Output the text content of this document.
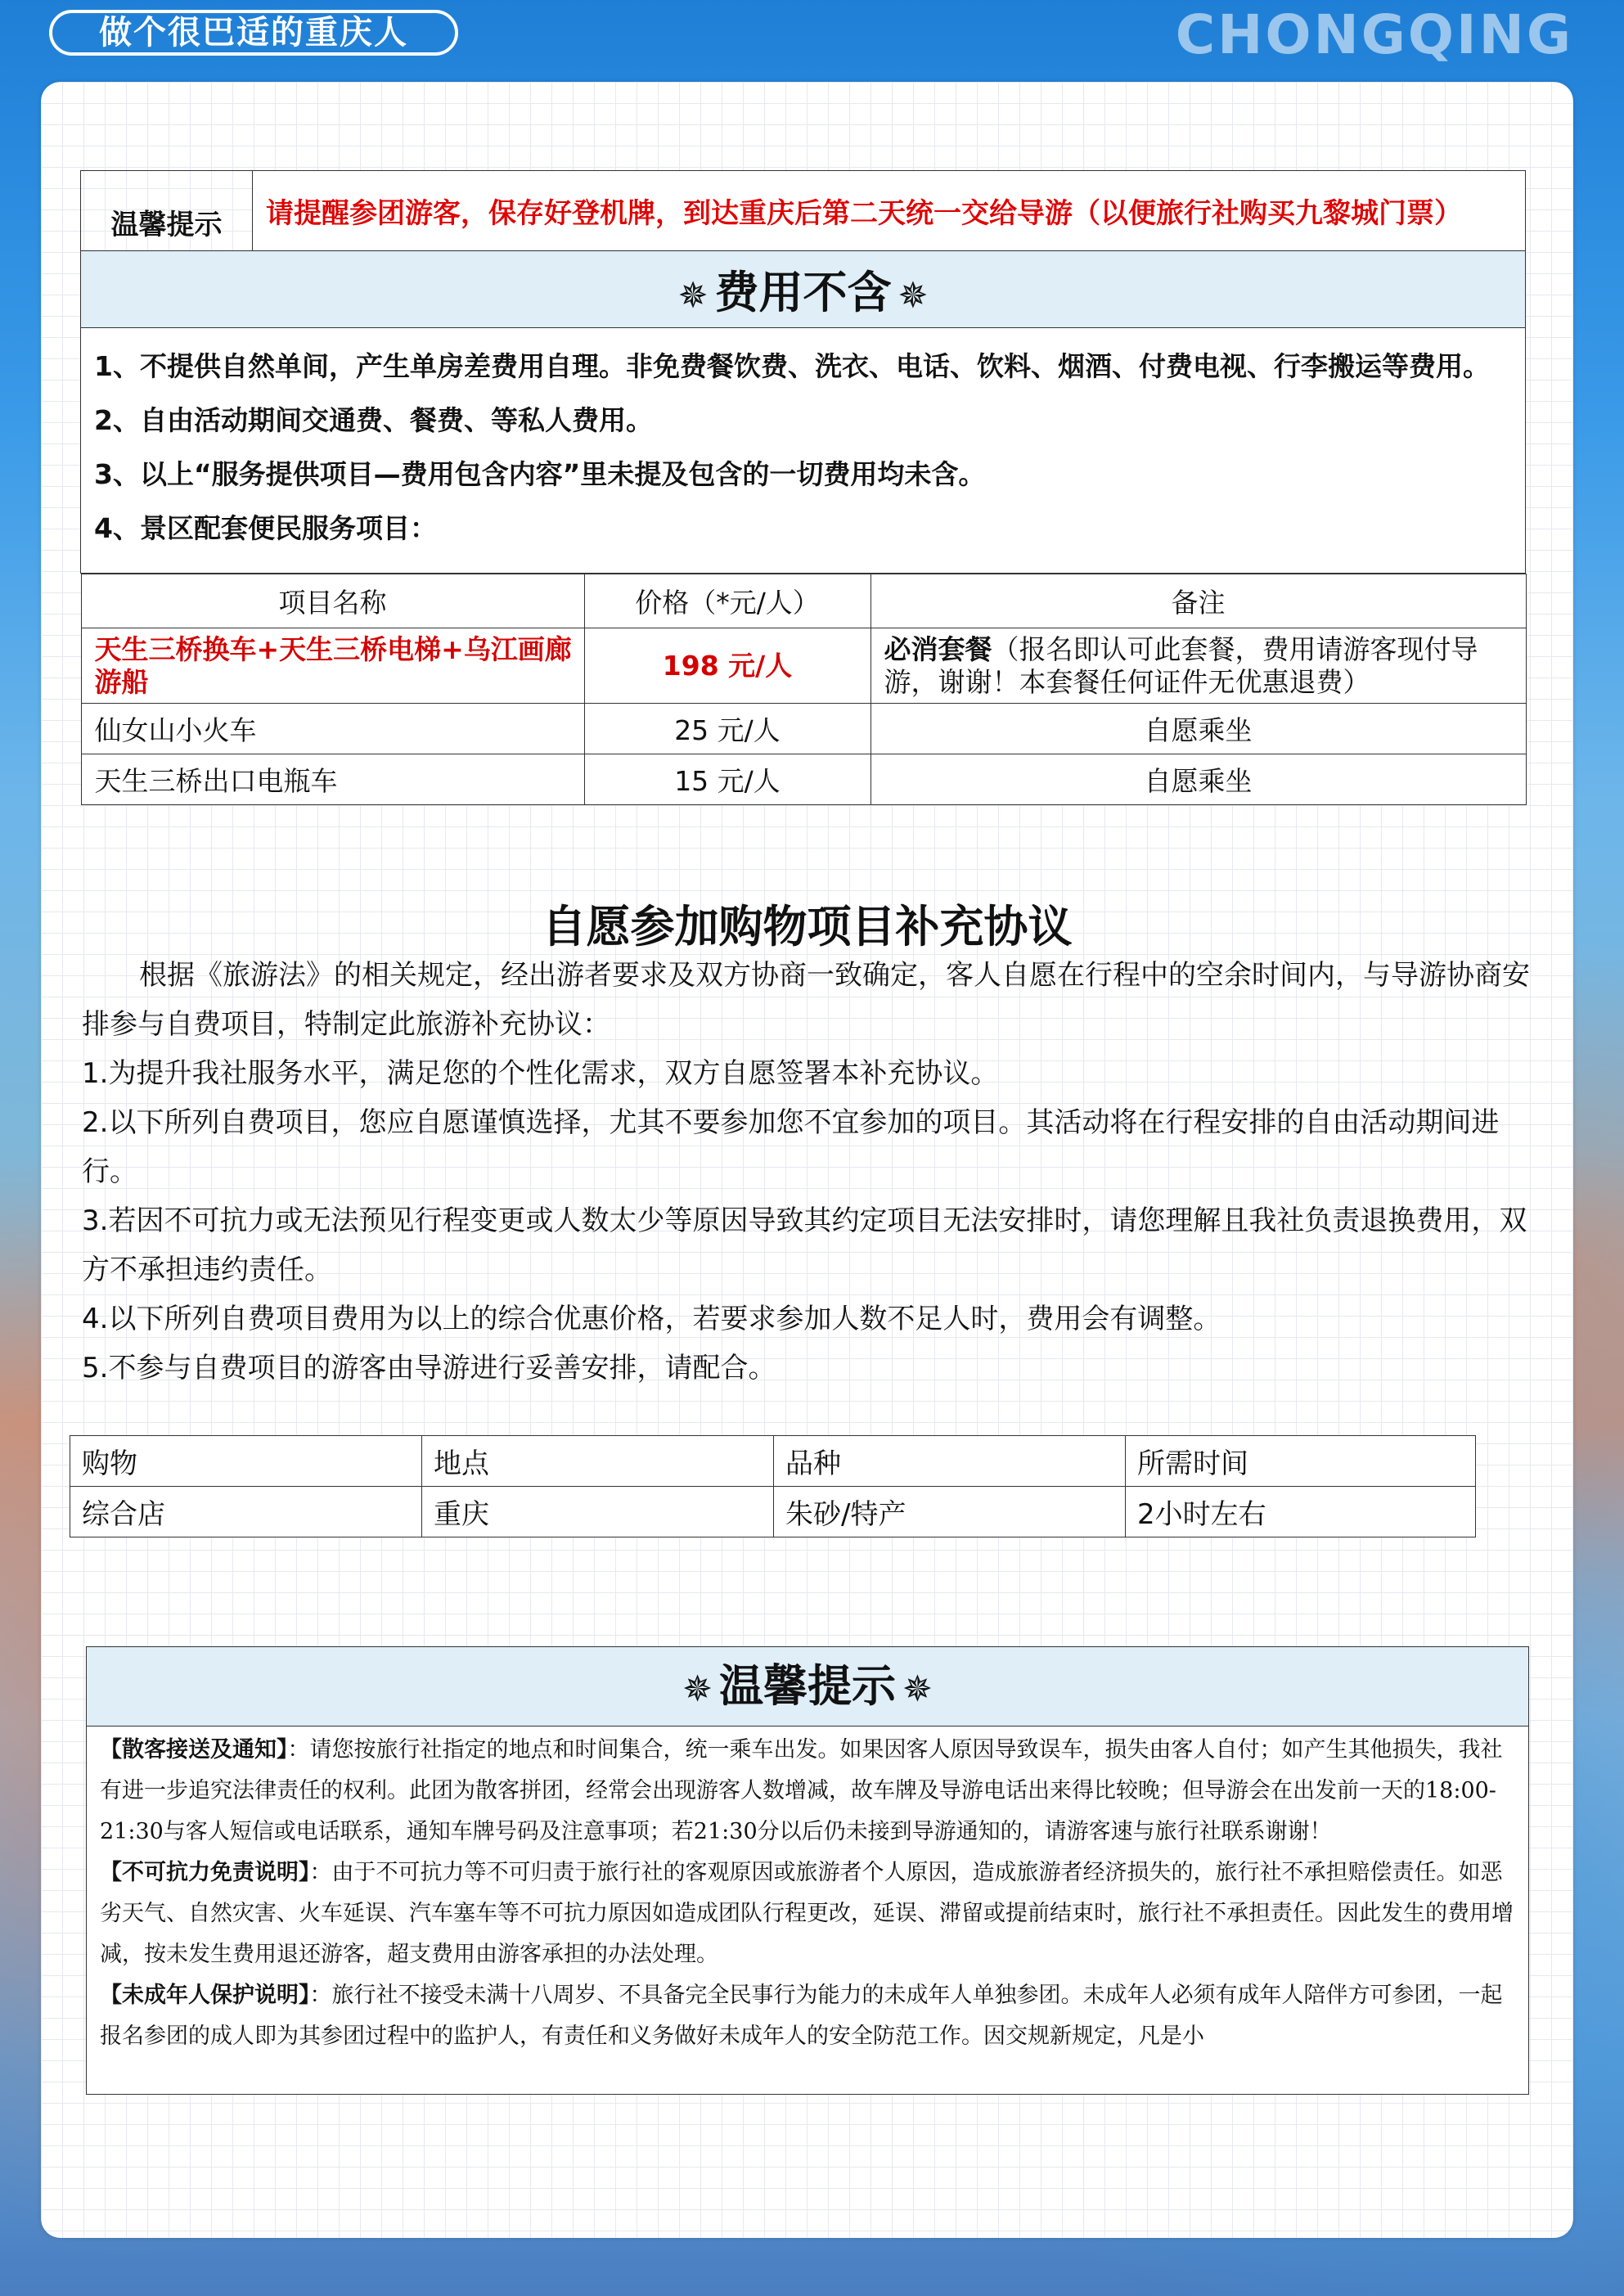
做个很巴适的重庆人	CHONGQING
温馨提示	请提醒参团游客，保存好登机牌，到达重庆后第二天统一交给导游（以便旅行社购买九黎城门票）
✵ 费用不含 ✵

1、不提供自然单间，产生单房差费用自理。非免费餐饮费、洗衣、电话、饮料、烟酒、付费电视、行李搬运等费用。
2、自由活动期间交通费、餐费、等私人费用。
3、以上“服务提供项目—费用包含内容”里未提及包含的一切费用均未含。
4、景区配套便民服务项目：

项目名称	价格（*元/人）	备注
天生三桥换车+天生三桥电梯+乌江画廊游船	198 元/人	必消套餐（报名即认可此套餐，费用请游客现付导游，谢谢！本套餐任何证件无优惠退费）
仙女山小火车	25 元/人	自愿乘坐
天生三桥出口电瓶车	15 元/人	自愿乘坐
自愿参加购物项目补充协议

根据《旅游法》的相关规定，经出游者要求及双方协商一致确定，客人自愿在行程中的空余时间内，与导游协商安排参与自费项目，特制定此旅游补充协议：

1.为提升我社服务水平，满足您的个性化需求，双方自愿签署本补充协议。

2.以下所列自费项目，您应自愿谨慎选择，尤其不要参加您不宜参加的项目。其活动将在行程安排的自由活动期间进行。

3.若因不可抗力或无法预见行程变更或人数太少等原因导致其约定项目无法安排时，请您理解且我社负责退换费用，双方不承担违约责任。

4.以下所列自费项目费用为以上的综合优惠价格，若要求参加人数不足人时，费用会有调整。

5.不参与自费项目的游客由导游进行妥善安排，请配合。

购物	地点	品种	所需时间
综合店	重庆	朱砂/特产	2小时左右
✵ 温馨提示 ✵

【散客接送及通知】：请您按旅行社指定的地点和时间集合，统一乘车出发。如果因客人原因导致误车，损失由客人自付；如产生其他损失，我社有进一步追究法律责任的权利。此团为散客拼团，经常会出现游客人数增减，故车牌及导游电话出来得比较晚；但导游会在出发前一天的18:00-21:30与客人短信或电话联系，通知车牌号码及注意事项；若21:30分以后仍未接到导游通知的，请游客速与旅行社联系谢谢！

【不可抗力免责说明】：由于不可抗力等不可归责于旅行社的客观原因或旅游者个人原因，造成旅游者经济损失的，旅行社不承担赔偿责任。如恶劣天气、自然灾害、火车延误、汽车塞车等不可抗力原因如造成团队行程更改，延误、滞留或提前结束时，旅行社不承担责任。因此发生的费用增减，按未发生费用退还游客，超支费用由游客承担的办法处理。

【未成年人保护说明】：旅行社不接受未满十八周岁、不具备完全民事行为能力的未成年人单独参团。未成年人必须有成年人陪伴方可参团，一起报名参团的成人即为其参团过程中的监护人，有责任和义务做好未成年人的安全防范工作。因交规新规定，凡是小
